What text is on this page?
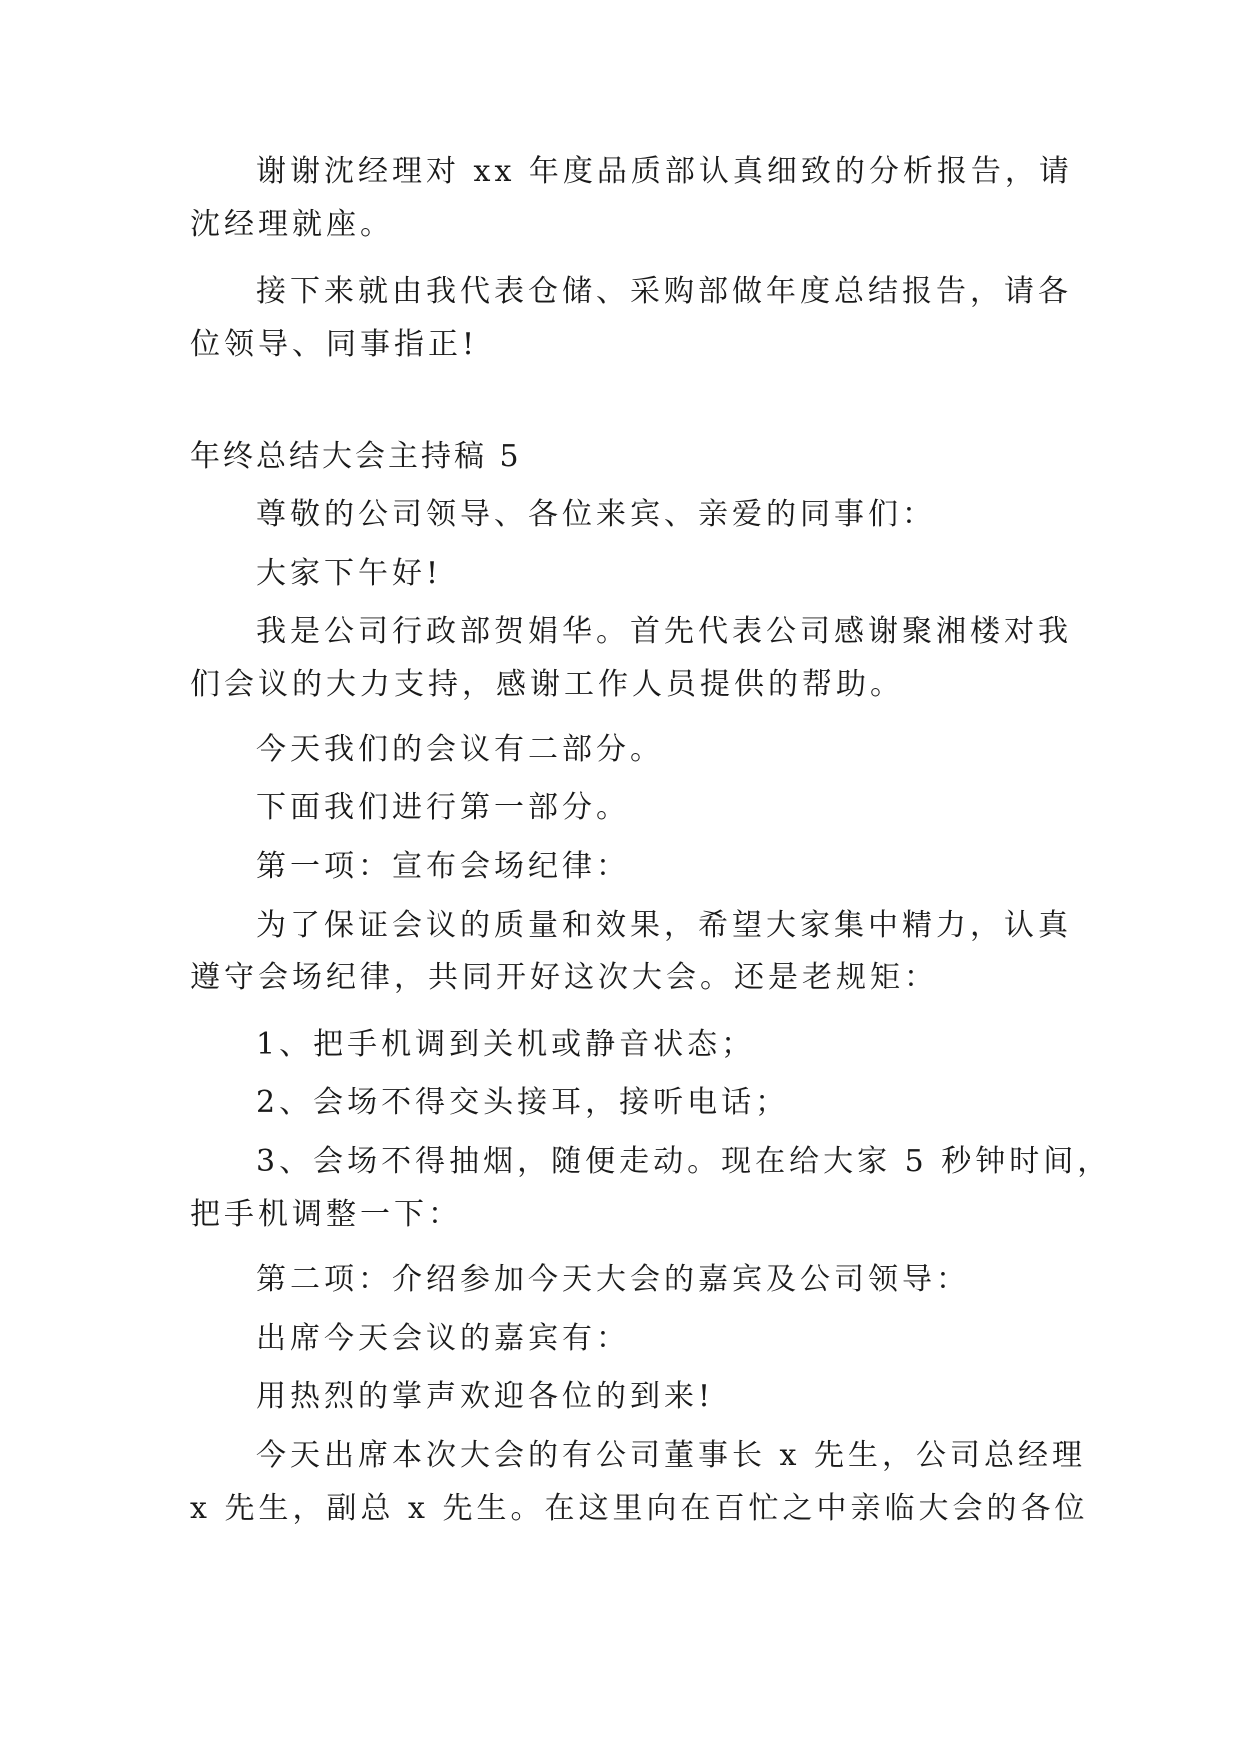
谢谢沈经理对 xx 年度品质部认真细致的分析报告，请
沈经理就座。
接下来就由我代表仓储、采购部做年度总结报告，请各
位领导、同事指正!
年终总结大会主持稿 5
尊敬的公司领导、各位来宾、亲爱的同事们：
大家下午好!
我是公司行政部贺娟华。首先代表公司感谢聚湘楼对我
们会议的大力支持，感谢工作人员提供的帮助。
今天我们的会议有二部分。
下面我们进行第一部分。
第一项：宣布会场纪律：
为了保证会议的质量和效果，希望大家集中精力，认真
遵守会场纪律，共同开好这次大会。还是老规矩：
1、把手机调到关机或静音状态；
2、会场不得交头接耳，接听电话；
3、会场不得抽烟，随便走动。现在给大家 5 秒钟时间，
把手机调整一下：
第二项：介绍参加今天大会的嘉宾及公司领导：
出席今天会议的嘉宾有：
用热烈的掌声欢迎各位的到来!
今天出席本次大会的有公司董事长 x 先生，公司总经理
x 先生，副总 x 先生。在这里向在百忙之中亲临大会的各位
